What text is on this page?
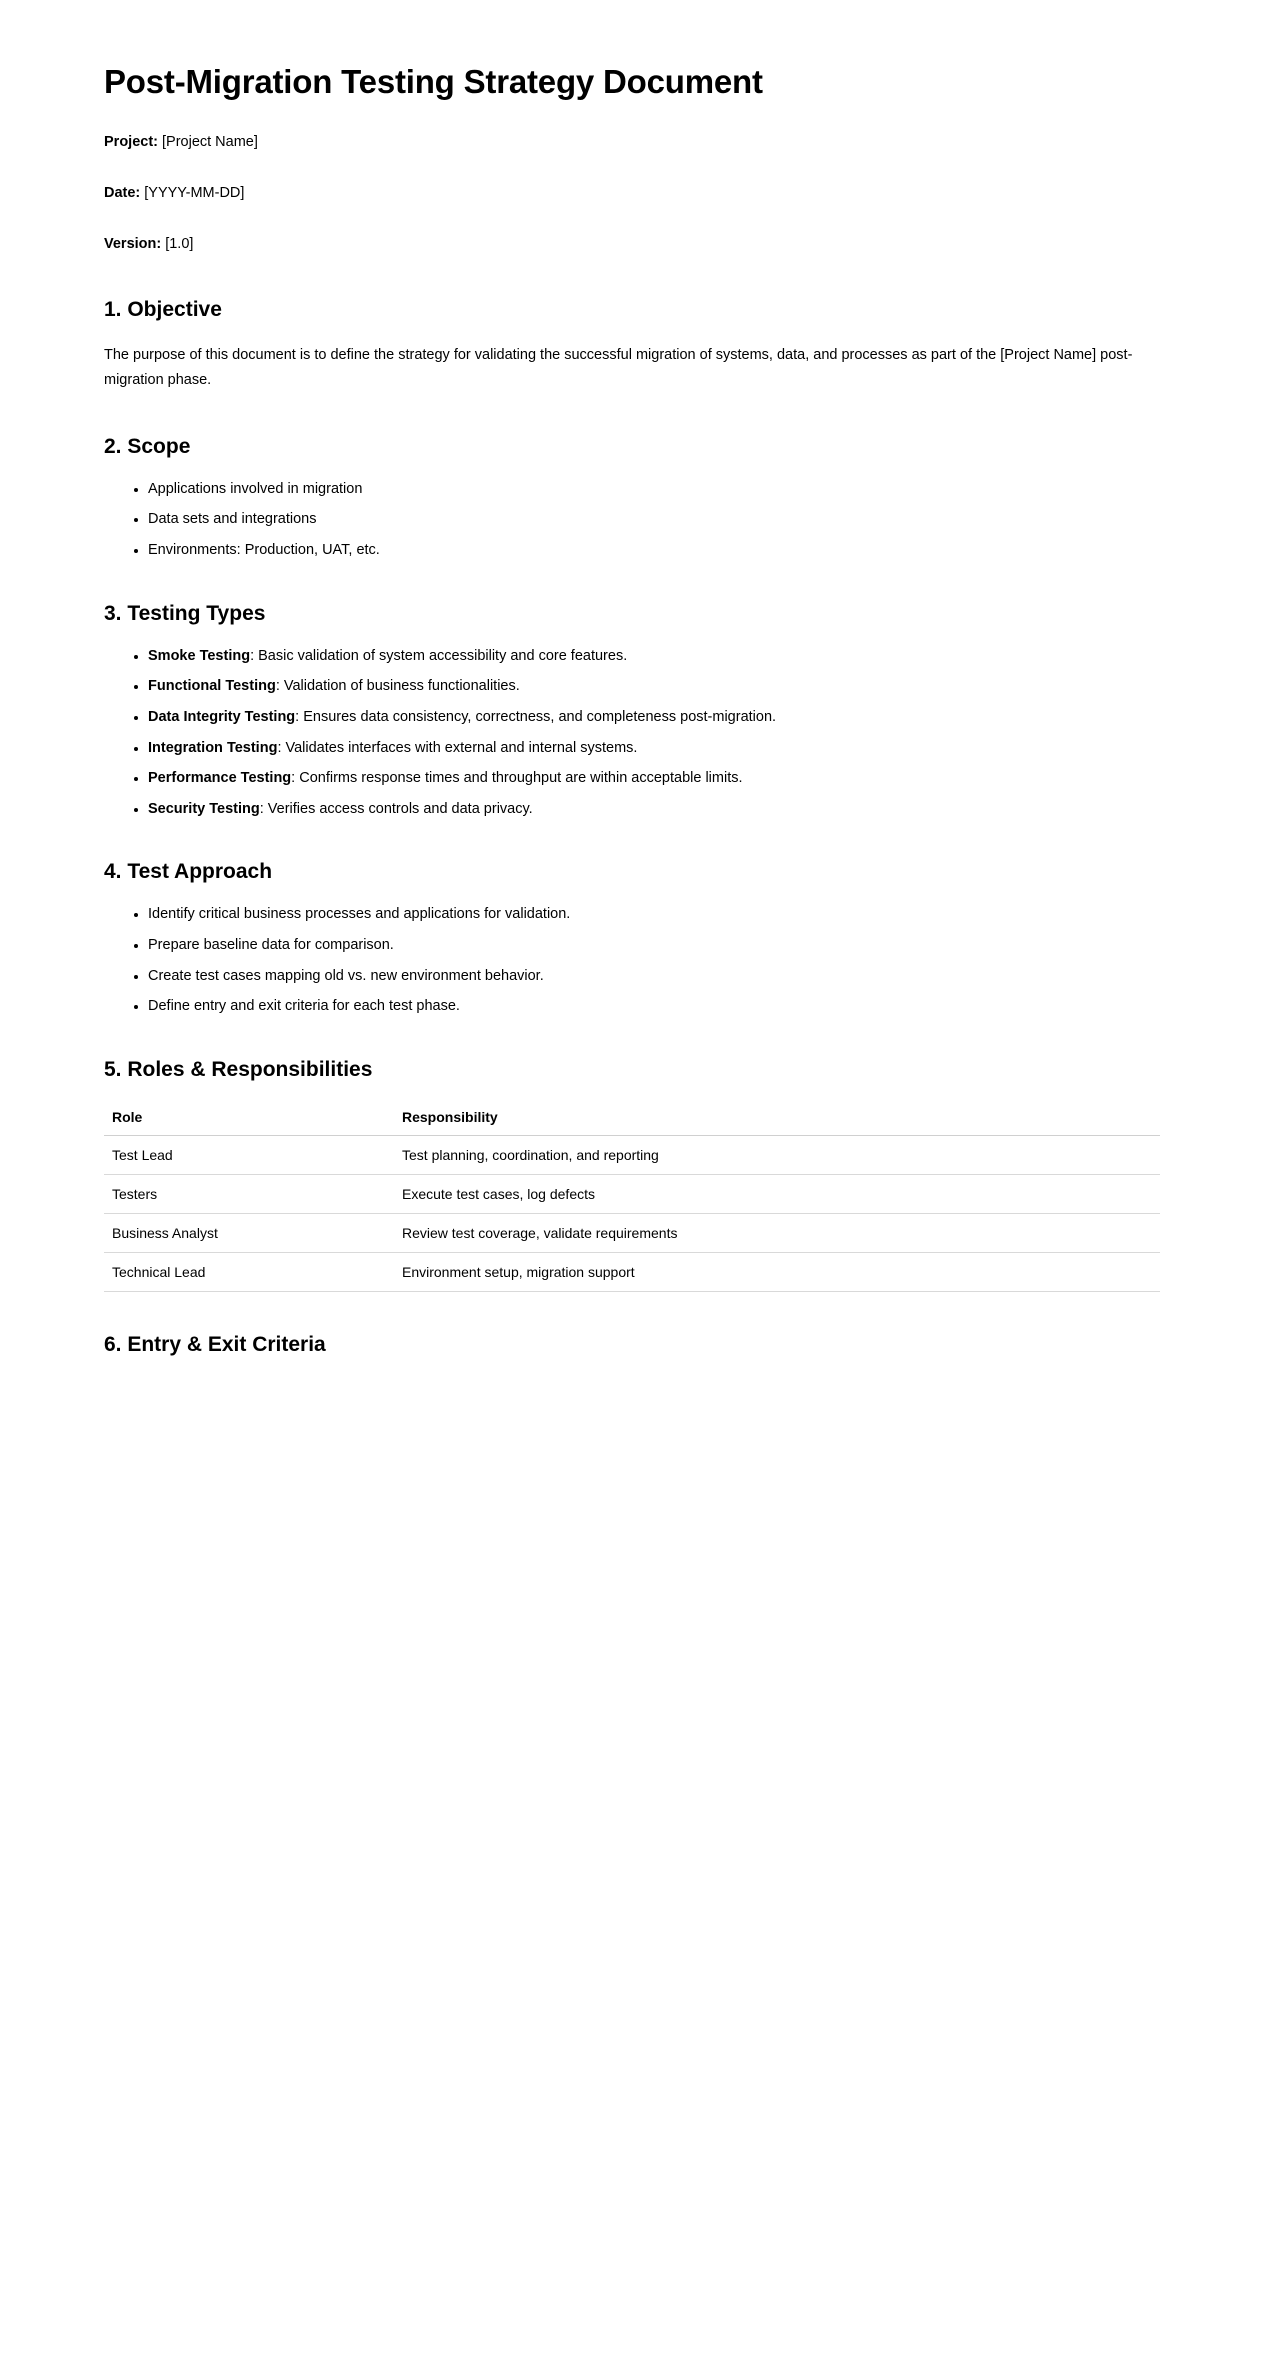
Post-Migration Testing Strategy Document

Project: [Project Name]

Date: [YYYY-MM-DD]

Version: [1.0]

1. Objective

The purpose of this document is to define the strategy for validating the successful migration of systems, data, and processes as part of the [Project Name] post-migration phase.

2. Scope
Applications involved in migration
Data sets and integrations
Environments: Production, UAT, etc.
3. Testing Types
Smoke Testing: Basic validation of system accessibility and core features.
Functional Testing: Validation of business functionalities.
Data Integrity Testing: Ensures data consistency, correctness, and completeness post-migration.
Integration Testing: Validates interfaces with external and internal systems.
Performance Testing: Confirms response times and throughput are within acceptable limits.
Security Testing: Verifies access controls and data privacy.
4. Test Approach
Identify critical business processes and applications for validation.
Prepare baseline data for comparison.
Create test cases mapping old vs. new environment behavior.
Define entry and exit criteria for each test phase.
5. Roles & Responsibilities
Role	Responsibility
Test Lead	Test planning, coordination, and reporting
Testers	Execute test cases, log defects
Business Analyst	Review test coverage, validate requirements
Technical Lead	Environment setup, migration support
6. Entry & Exit Criteria
